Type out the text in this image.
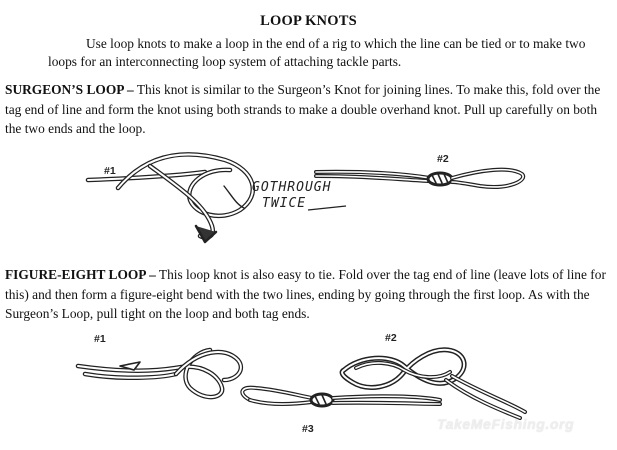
LOOP KNOTS
Use loop knots to make a loop in the end of a rig to which the line can be tied or to make two loops for an interconnecting loop system of attaching tackle parts.
SURGEON’S LOOP – This knot is similar to the Surgeon’s Knot for joining lines. To make this, fold over the tag end of line and form the knot using both strands to make a double overhand knot. Pull up carefully on both the two ends and the loop.
#1
#2
GOTHROUGH
TWICE
FIGURE-EIGHT LOOP – This loop knot is also easy to tie. Fold over the tag end of line (leave lots of line for this) and then form a figure-eight bend with the two lines, ending by going through the first loop. As with the Surgeon’s Loop, pull tight on the loop and both tag ends.
#1	#2
#3	TakeMeFishing.org
